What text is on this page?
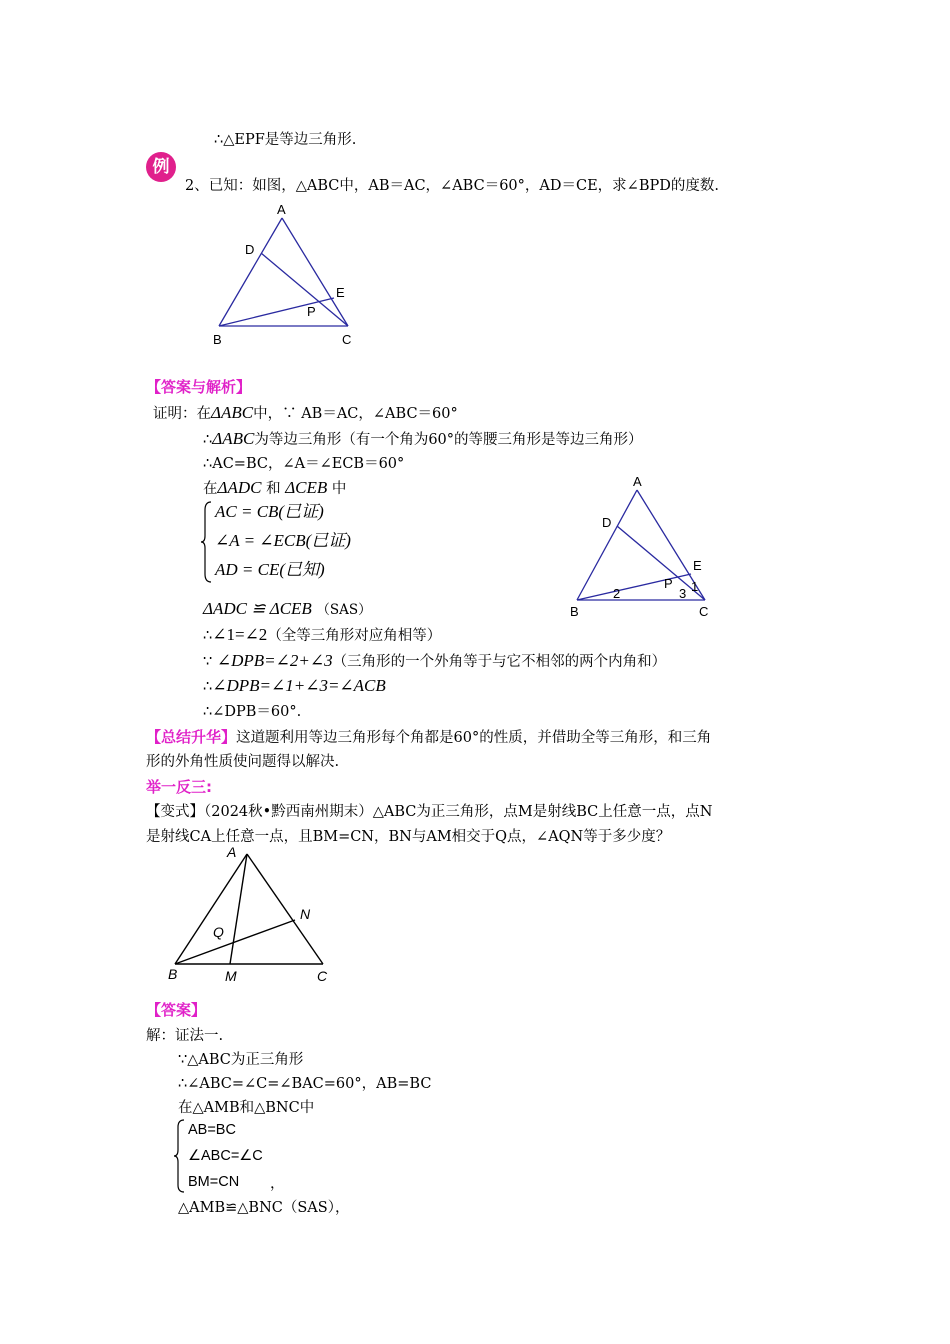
∴△EPF是等边三角形.
例
2、已知：如图，△ABC中，AB＝AC，∠ABC＝60°，AD＝CE，求∠BPD的度数.
A
D
E
P
B	C
【答案与解析】
证明：在ΔABC中，∵ AB＝AC，∠ABC＝60°
∴ΔABC为等边三角形（有一个角为60°的等腰三角形是等边三角形）
∴AC=BC，∠A＝∠ECB＝60°
在ΔADC 和 ΔCEB 中
AC = CB(已证)
∠A = ∠ECB(已证)
AD = CE(已知)
A
D
E
P
B	C
2	3 1
ΔADC ≌ ΔCEB （SAS）
∴∠1=∠2（全等三角形对应角相等）
∵ ∠DPB=∠2+∠3（三角形的一个外角等于与它不相邻的两个内角和）
∴∠DPB=∠1+∠3=∠ACB
∴∠DPB＝60°.
【总结升华】这道题利用等边三角形每个角都是60°的性质，并借助全等三角形，和三角
形的外角性质使问题得以解决.
举一反三:
【变式】（2024秋•黔西南州期末）△ABC为正三角形，点M是射线BC上任意一点，点N
是射线CA上任意一点，且BM=CN，BN与AM相交于Q点，∠AQN等于多少度？
A
N
Q
B	M	C
【答案】
解：证法一.
∵△ABC为正三角形
∴∠ABC=∠C=∠BAC=60°，AB=BC
在△AMB和△BNC中
AB=BC
∠ABC=∠C
BM=CN ，
△AMB≌△BNC（SAS），
